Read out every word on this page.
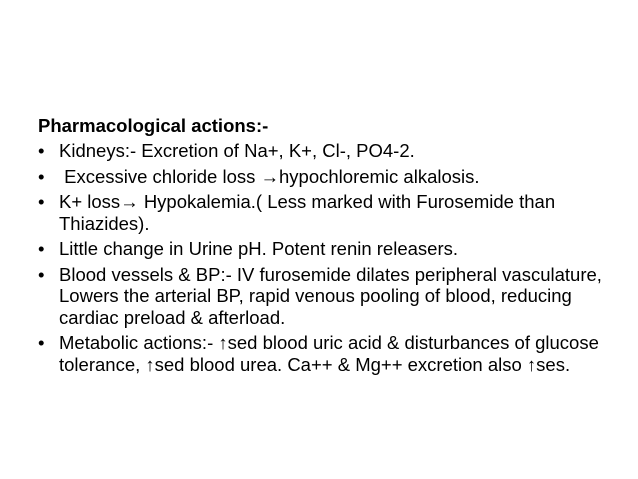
Pharmacological actions:-
• Kidneys:- Excretion of Na+, K+, Cl-, PO4-2.
• Excessive chloride loss →hypochloremic alkalosis.
• K+ loss→ Hypokalemia.( Less marked with Furosemide than Thiazides).
• Little change in Urine pH. Potent renin releasers.
• Blood vessels & BP:- IV furosemide dilates peripheral vasculature, Lowers the arterial BP, rapid venous pooling of blood, reducing cardiac preload & afterload.
• Metabolic actions:- ↑sed blood uric acid & disturbances of glucose tolerance, ↑sed blood urea. Ca++ & Mg++ excretion also ↑ses.
